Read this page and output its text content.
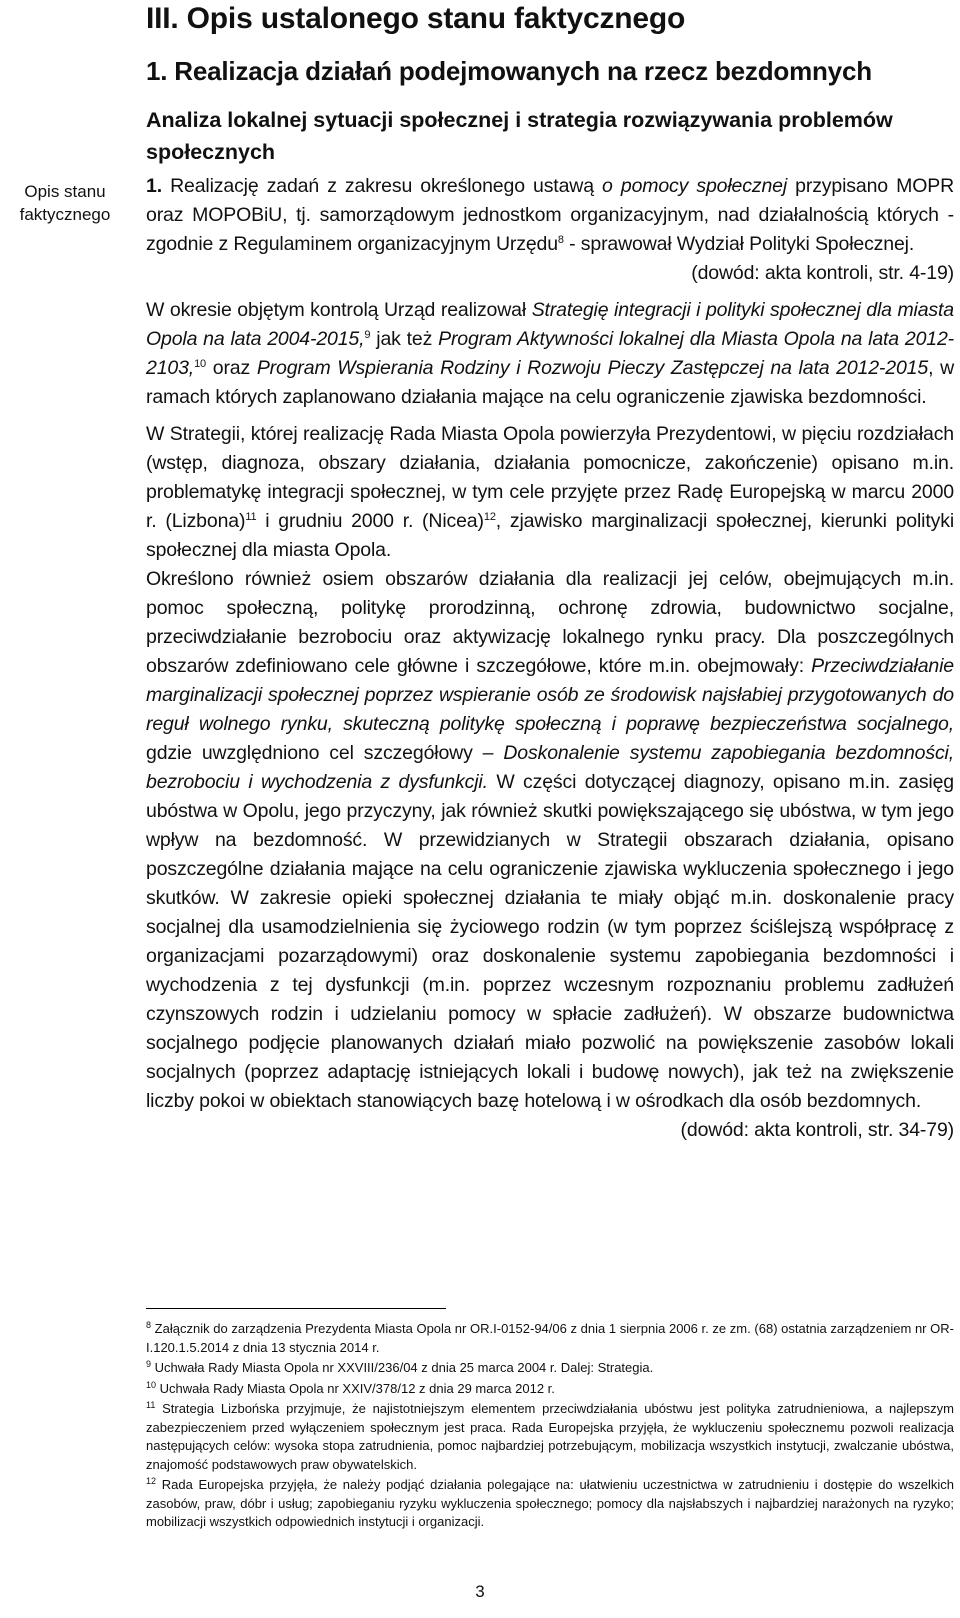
III. Opis ustalonego stanu faktycznego
1. Realizacja działań podejmowanych na rzecz bezdomnych
Analiza lokalnej sytuacji społecznej i strategia rozwiązywania problemów społecznych
Opis stanu
faktycznego

1. Realizację zadań z zakresu określonego ustawą o pomocy społecznej przypisano MOPR oraz MOPOBiU, tj. samorządowym jednostkom organizacyjnym, nad działalnością których - zgodnie z Regulaminem organizacyjnym Urzędu$^8$ - sprawował Wydział Polityki Społecznej.

(dowód: akta kontroli, str. 4-19)

W okresie objętym kontrolą Urząd realizował Strategię integracji i polityki społecznej dla miasta Opola na lata 2004-2015,$^9$ jak też Program Aktywności lokalnej dla Miasta Opola na lata 2012-2103,10 oraz Program Wspierania Rodziny i Rozwoju Pieczy Zastępczej na lata 2012-2015, w ramach których zaplanowano działania mające na celu ograniczenie zjawiska bezdomności.

W Strategii, której realizację Rada Miasta Opola powierzyła Prezydentowi, w pięciu rozdziałach (wstęp, diagnoza, obszary działania, działania pomocnicze, zakończenie) opisano m.in. problematykę integracji społecznej, w tym cele przyjęte przez Radę Europejską w marcu 2000 r. (Lizbona)$^{11}$ i grudniu 2000 r. (Nicea)$^{12}$, zjawisko marginalizacji społecznej, kierunki polityki społecznej dla miasta Opola.

Określono również osiem obszarów działania dla realizacji jej celów, obejmujących m.in. pomoc społeczną, politykę prorodzinną, ochronę zdrowia, budownictwo socjalne, przeciwdziałanie bezrobociu oraz aktywizację lokalnego rynku pracy. Dla poszczególnych obszarów zdefiniowano cele główne i szczegółowe, które m.in. obejmowały: Przeciwdziałanie marginalizacji społecznej poprzez wspieranie osób ze środowisk najsłabiej przygotowanych do reguł wolnego rynku, skuteczną politykę społeczną i poprawę bezpieczeństwa socjalnego, gdzie uwzględniono cel szczegółowy – Doskonalenie systemu zapobiegania bezdomności, bezrobociu i wychodzenia z dysfunkcji. W części dotyczącej diagnozy, opisano m.in. zasięg ubóstwa w Opolu, jego przyczyny, jak również skutki powiększającego się ubóstwa, w tym jego wpływ na bezdomność. W przewidzianych w Strategii obszarach działania, opisano poszczególne działania mające na celu ograniczenie zjawiska wykluczenia społecznego i jego skutków. W zakresie opieki społecznej działania te miały objąć m.in. doskonalenie pracy socjalnej dla usamodzielnienia się życiowego rodzin (w tym poprzez ściślejszą współpracę z organizacjami pozarządowymi) oraz doskonalenie systemu zapobiegania bezdomności i wychodzenia z tej dysfunkcji (m.in. poprzez wczesnym rozpoznaniu problemu zadłużeń czynszowych rodzin i udzielaniu pomocy w spłacie zadłużeń). W obszarze budownictwa socjalnego podjęcie planowanych działań miało pozwolić na powiększenie zasobów lokali socjalnych (poprzez adaptację istniejących lokali i budowę nowych), jak też na zwiększenie liczby pokoi w obiektach stanowiących bazę hotelową i w ośrodkach dla osób bezdomnych.

(dowód: akta kontroli, str. 34-79)

$^8$ Załącznik do zarządzenia Prezydenta Miasta Opola nr OR.I-0152-94/06 z dnia 1 sierpnia 2006 r. ze zm. (68) ostatnia zarządzeniem nr OR-I.120.1.5.2014 z dnia 13 stycznia 2014 r.

$^9$ Uchwała Rady Miasta Opola nr XXVIII/236/04 z dnia 25 marca 2004 r. Dalej: Strategia.

$^{10}$ Uchwała Rady Miasta Opola nr XXIV/378/12 z dnia 29 marca 2012 r.

$^{11}$ Strategia Lizbońska przyjmuje, że najistotniejszym elementem przeciwdziałania ubóstwu jest polityka zatrudnieniowa, a najlepszym zabezpieczeniem przed wyłączeniem społecznym jest praca. Rada Europejska przyjęła, że wykluczeniu społecznemu pozwoli realizacja następujących celów: wysoka stopa zatrudnienia, pomoc najbardziej potrzebującym, mobilizacja wszystkich instytucji, zwalczanie ubóstwa, znajomość podstawowych praw obywatelskich.

$^{12}$ Rada Europejska przyjęła, że należy podjąć działania polegające na: ułatwieniu uczestnictwa w zatrudnieniu i dostępie do wszelkich zasobów, praw, dóbr i usług; zapobieganiu ryzyku wykluczenia społecznego; pomocy dla najsłabszych i najbardziej narażonych na ryzyko; mobilizacji wszystkich odpowiednich instytucji i organizacji.

3
